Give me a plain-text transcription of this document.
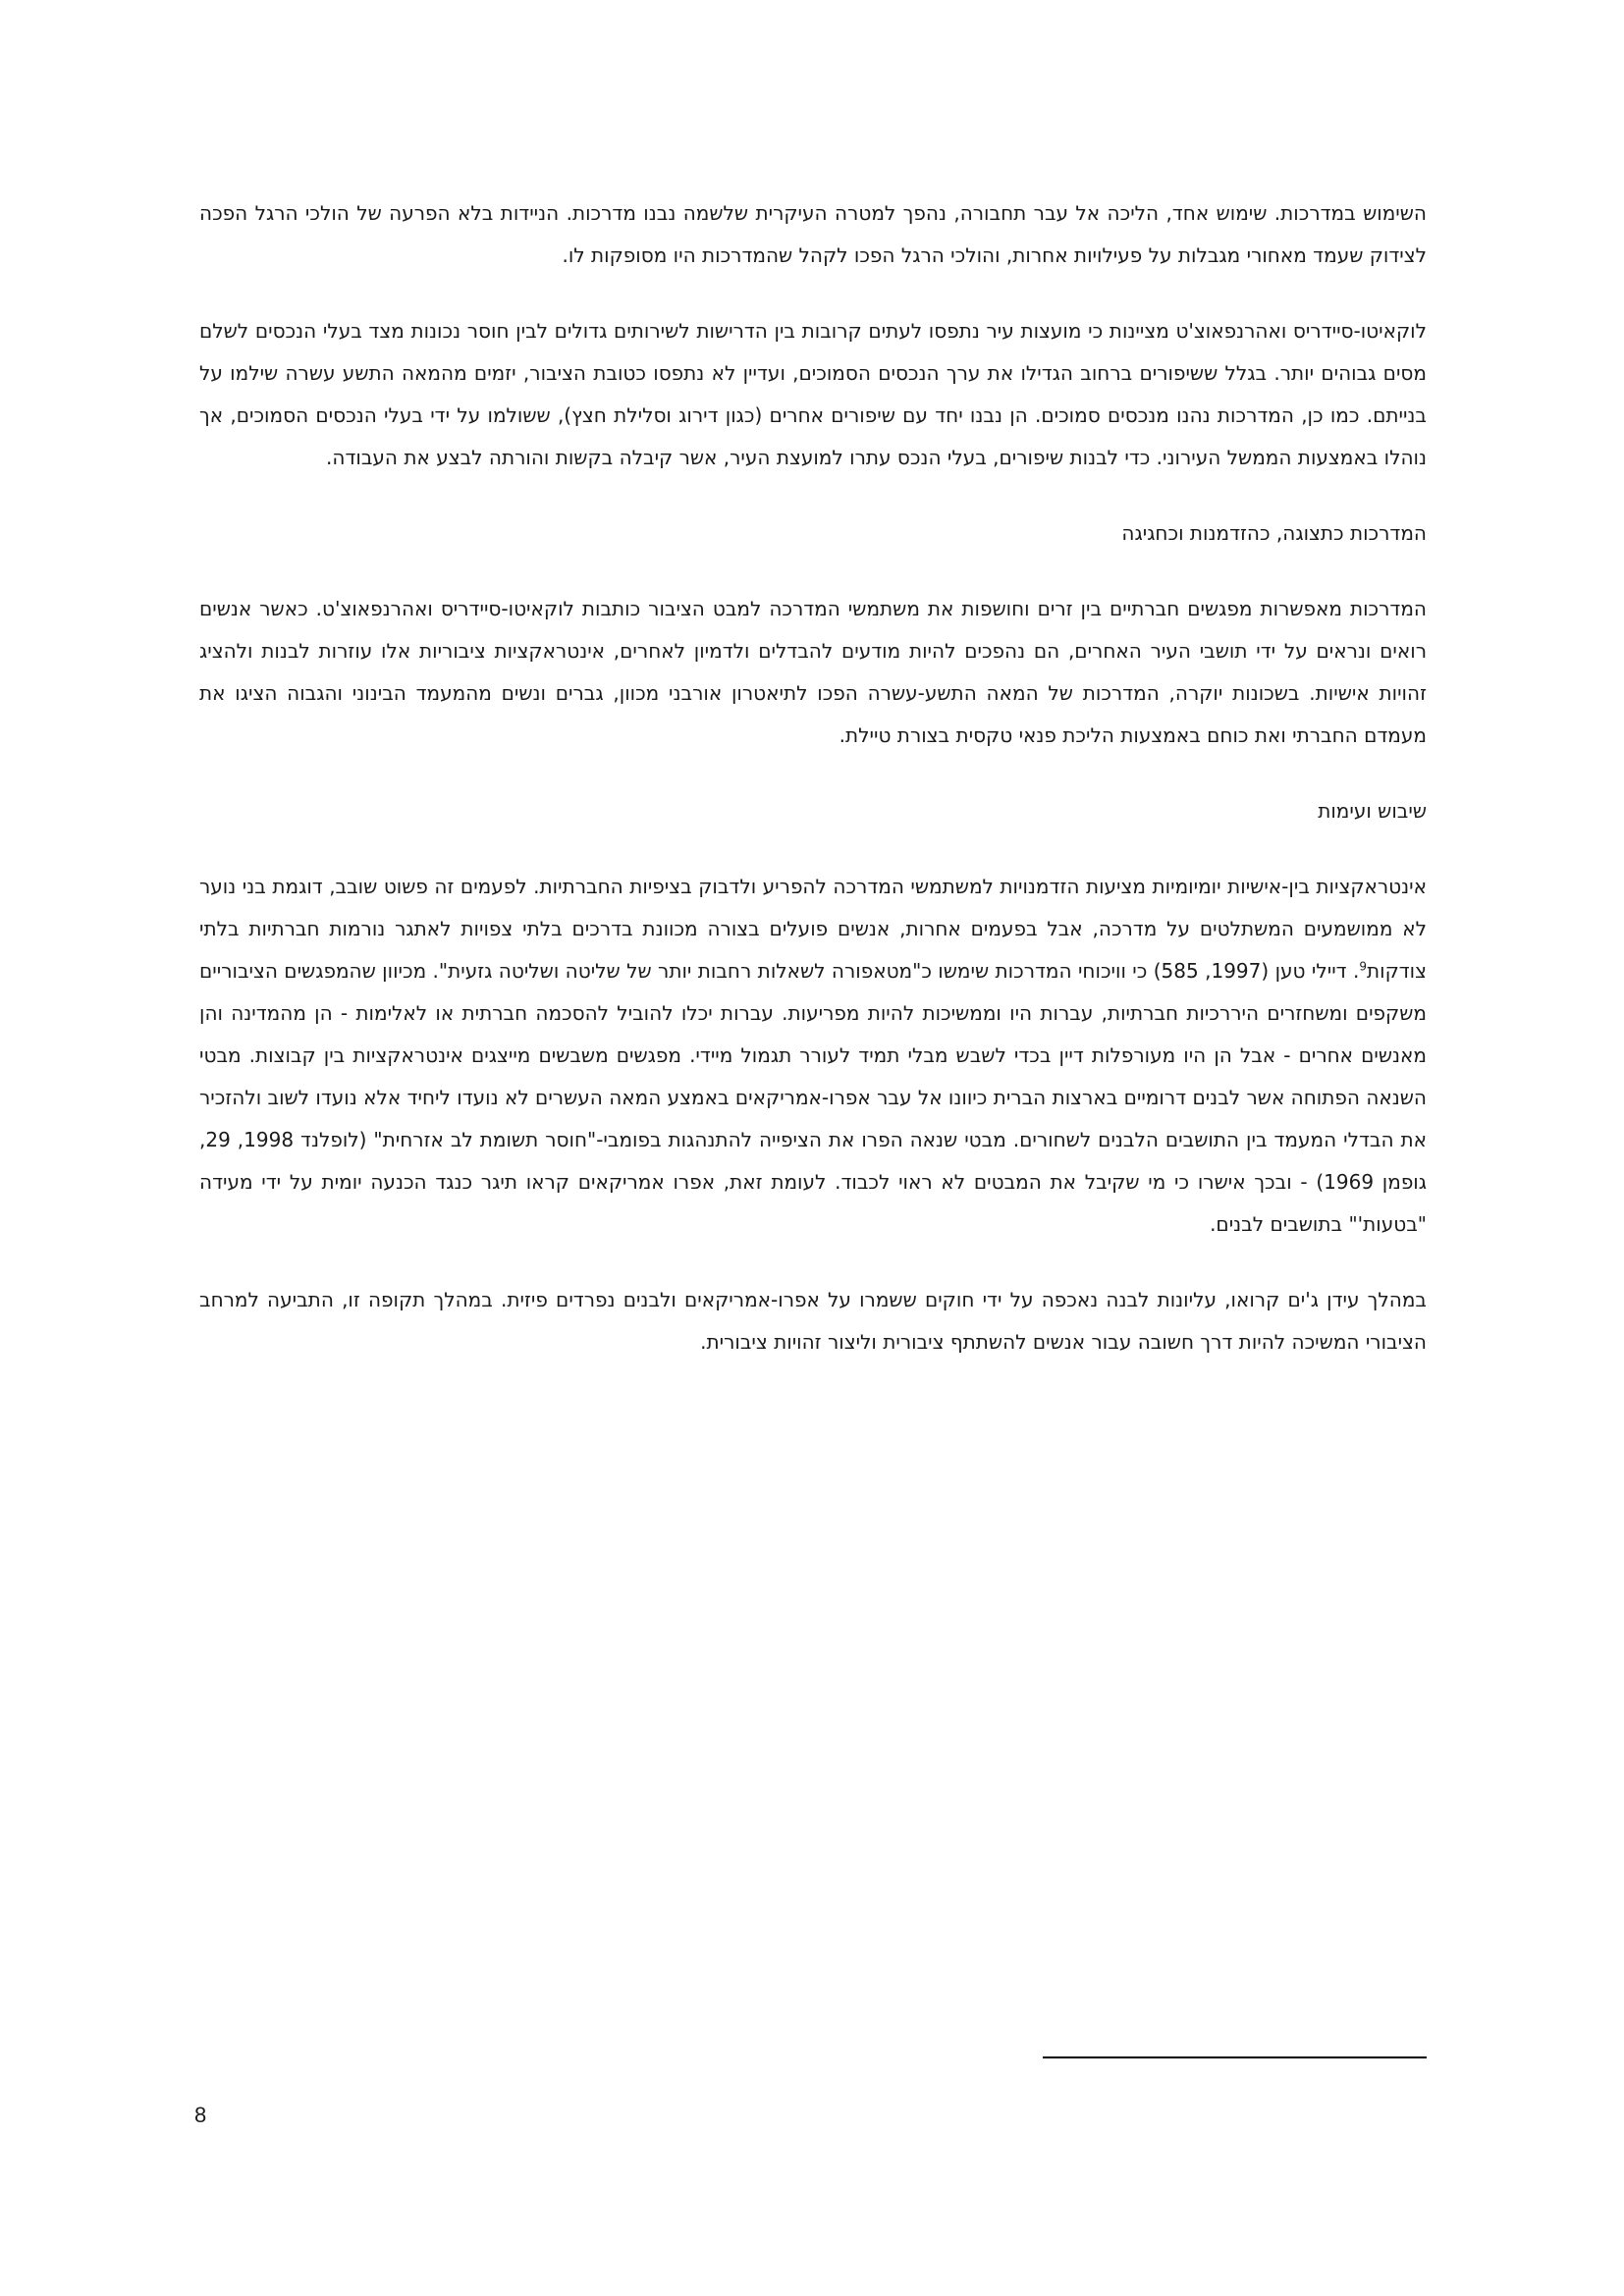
השימוש במדרכות. שימוש אחד, הליכה אל עבר תחבורה, נהפך למטרה העיקרית שלשמה נבנו מדרכות. הניידות בלא הפרעה של הולכי הרגל הפכה לצידוק שעמד מאחורי מגבלות על פעילויות אחרות, והולכי הרגל הפכו לקהל שהמדרכות היו מסופקות לו.

לוקאיטו-סיידריס ואהרנפאוצ'ט מציינות כי מועצות עיר נתפסו לעתים קרובות בין הדרישות לשירותים גדולים לבין חוסר נכונות מצד בעלי הנכסים לשלם מסים גבוהים יותר. בגלל ששיפורים ברחוב הגדילו את ערך הנכסים הסמוכים, ועדיין לא נתפסו כטובת הציבור, יזמים מהמאה התשע עשרה שילמו על בנייתם. כמו כן, המדרכות נהנו מנכסים סמוכים. הן נבנו יחד עם שיפורים אחרים (כגון דירוג וסלילת חצץ), ששולמו על ידי בעלי הנכסים הסמוכים, אך נוהלו באמצעות הממשל העירוני. כדי לבנות שיפורים, בעלי הנכס עתרו למועצת העיר, אשר קיבלה בקשות והורתה לבצע את העבודה.

המדרכות כתצוגה, כהזדמנות וכחגיגה

המדרכות מאפשרות מפגשים חברתיים בין זרים וחושפות את משתמשי המדרכה למבט הציבור כותבות לוקאיטו-סיידריס ואהרנפאוצ'ט. כאשר אנשים רואים ונראים על ידי תושבי העיר האחרים, הם נהפכים להיות מודעים להבדלים ולדמיון לאחרים, אינטראקציות ציבוריות אלו עוזרות לבנות ולהציג זהויות אישיות. בשכונות יוקרה, המדרכות של המאה התשע-עשרה הפכו לתיאטרון אורבני מכוון, גברים ונשים מהמעמד הבינוני והגבוה הציגו את מעמדם החברתי ואת כוחם באמצעות הליכת פנאי טקסית בצורת טיילת.

שיבוש ועימות

אינטראקציות בין-אישיות יומיומיות מציעות הזדמנויות למשתמשי המדרכה להפריע ולדבוק בציפיות החברתיות. לפעמים זה פשוט שובב, דוגמת בני נוער לא ממושמעים המשתלטים על מדרכה, אבל בפעמים אחרות, אנשים פועלים בצורה מכוונת בדרכים בלתי צפויות לאתגר נורמות חברתיות בלתי צודקות$^9$. דיילי טען (1997, 585) כי וויכוחי המדרכות שימשו כ"מטאפורה לשאלות רחבות יותר של שליטה ושליטה גזעית". מכיוון שהמפגשים הציבוריים משקפים ומשחזרים היררכיות חברתיות, עברות היו וממשיכות להיות מפריעות. עברות יכלו להוביל להסכמה חברתית או לאלימות - הן מהמדינה והן מאנשים אחרים - אבל הן היו מעורפלות דיין בכדי לשבש מבלי תמיד לעורר תגמול מיידי. מפגשים משבשים מייצגים אינטראקציות בין קבוצות. מבטי השנאה הפתוחה אשר לבנים דרומיים בארצות הברית כיוונו אל עבר אפרו-אמריקאים באמצע המאה העשרים לא נועדו ליחיד אלא נועדו לשוב ולהזכיר את הבדלי המעמד בין התושבים הלבנים לשחורים. מבטי שנאה הפרו את הציפייה להתנהגות בפומבי-"חוסר תשומת לב אזרחית" (לופלנד 1998, 29, גופמן 1969) - ובכך אישרו כי מי שקיבל את המבטים לא ראוי לכבוד. לעומת זאת, אפרו אמריקאים קראו תיגר כנגד הכנעה יומית על ידי מעידה "בטעות'" בתושבים לבנים.

במהלך עידן ג'ים קרואו, עליונות לבנה נאכפה על ידי חוקים ששמרו על אפרו-אמריקאים ולבנים נפרדים פיזית. במהלך תקופה זו, התביעה למרחב הציבורי המשיכה להיות דרך חשובה עבור אנשים להשתתף ציבורית וליצור זהויות ציבורית.

8
